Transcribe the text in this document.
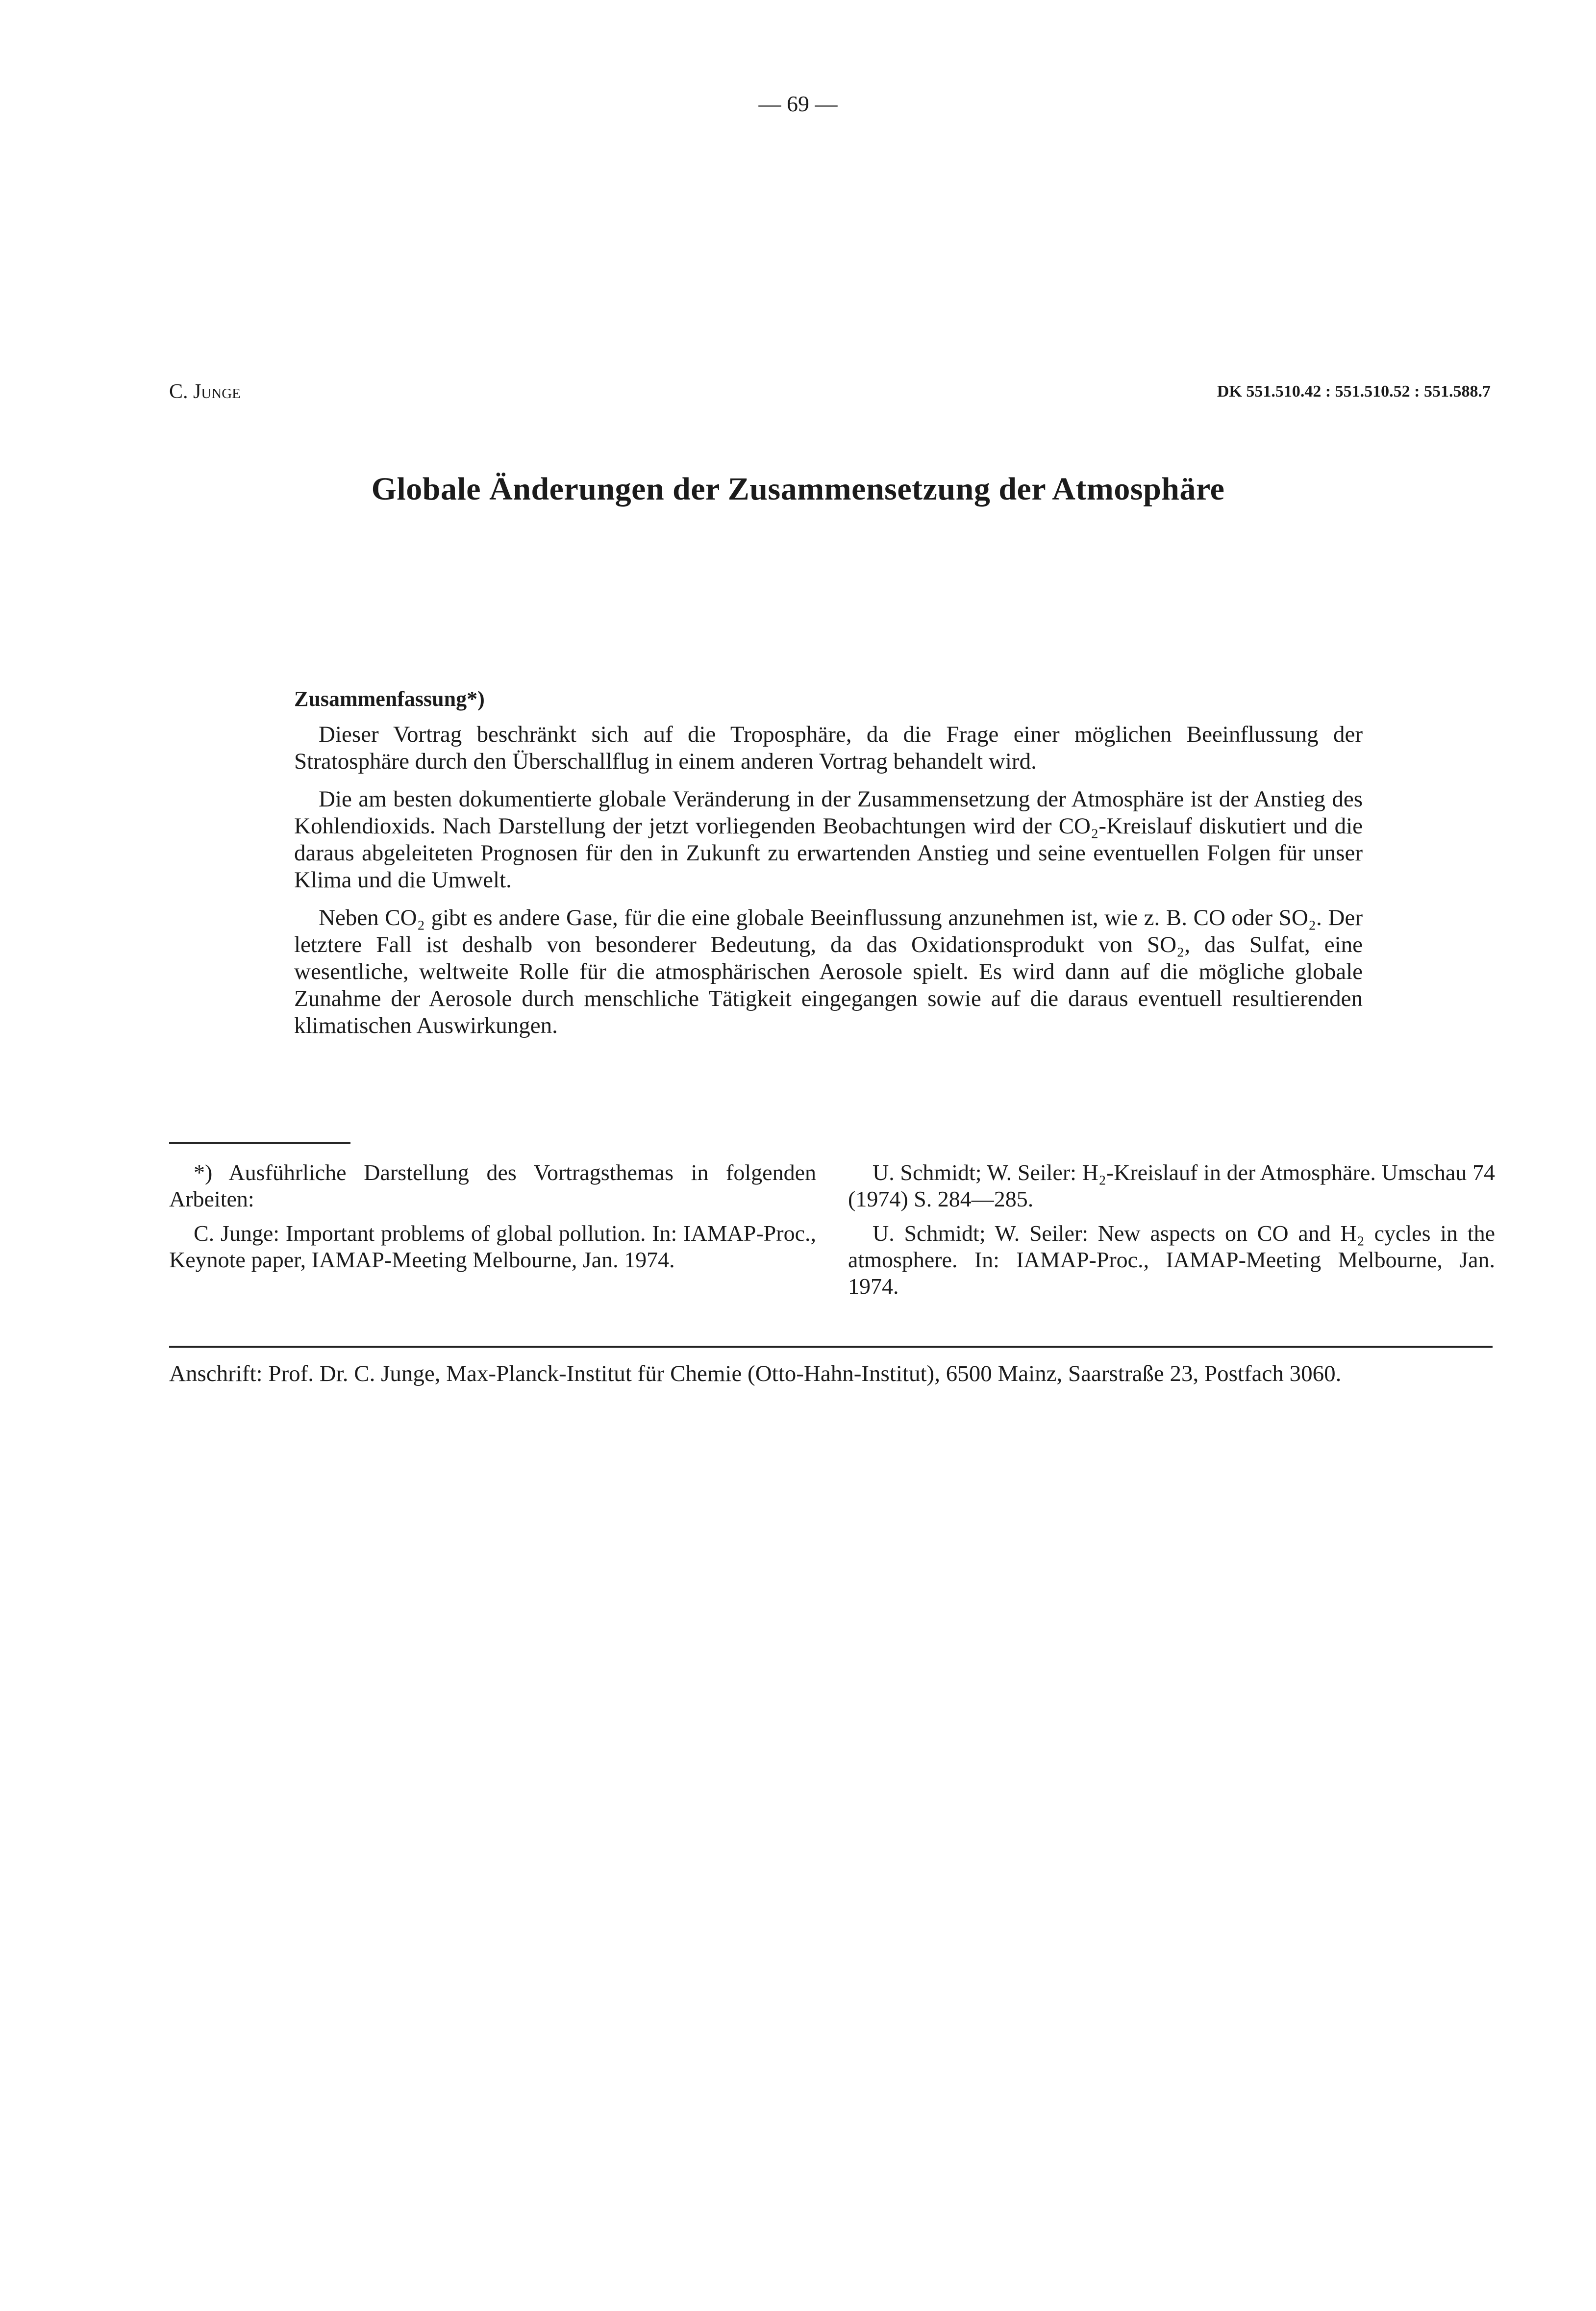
— 69 —
C. Junge	DK 551.510.42 : 551.510.52 : 551.588.7
Globale Änderungen der Zusammensetzung der Atmosphäre
Zusammenfassung*)

Dieser Vortrag beschränkt sich auf die Troposphäre, da die Frage einer möglichen Beeinflussung der Stratosphäre durch den Überschallflug in einem anderen Vortrag behandelt wird.

Die am besten dokumentierte globale Veränderung in der Zusammensetzung der Atmosphäre ist der Anstieg des Kohlendioxids. Nach Darstellung der jetzt vorliegenden Beobachtungen wird der CO₂-Kreislauf diskutiert und die daraus abgeleiteten Prognosen für den in Zukunft zu erwartenden Anstieg und seine eventuellen Folgen für unser Klima und die Umwelt.

Neben CO₂ gibt es andere Gase, für die eine globale Beeinflussung anzunehmen ist, wie z. B. CO oder SO₂. Der letztere Fall ist deshalb von besonderer Bedeutung, da das Oxidationsprodukt von SO₂, das Sulfat, eine wesentliche, weltweite Rolle für die atmosphärischen Aerosole spielt. Es wird dann auf die mögliche globale Zunahme der Aerosole durch menschliche Tätigkeit eingegangen sowie auf die daraus eventuell resultierenden klimatischen Auswirkungen.

*) Ausführliche Darstellung des Vortragsthemas in folgenden Arbeiten:

C. Junge: Important problems of global pollution. In: IAMAP-Proc., Keynote paper, IAMAP-Meeting Melbourne, Jan. 1974.

U. Schmidt; W. Seiler: H₂-Kreislauf in der Atmosphäre. Umschau 74 (1974) S. 284—285.

U. Schmidt; W. Seiler: New aspects on CO and H₂ cycles in the atmosphere. In: IAMAP-Proc., IAMAP-Meeting Melbourne, Jan. 1974.

Anschrift: Prof. Dr. C. Junge, Max-Planck-Institut für Chemie (Otto-Hahn-Institut), 6500 Mainz, Saarstraße 23, Postfach 3060.
